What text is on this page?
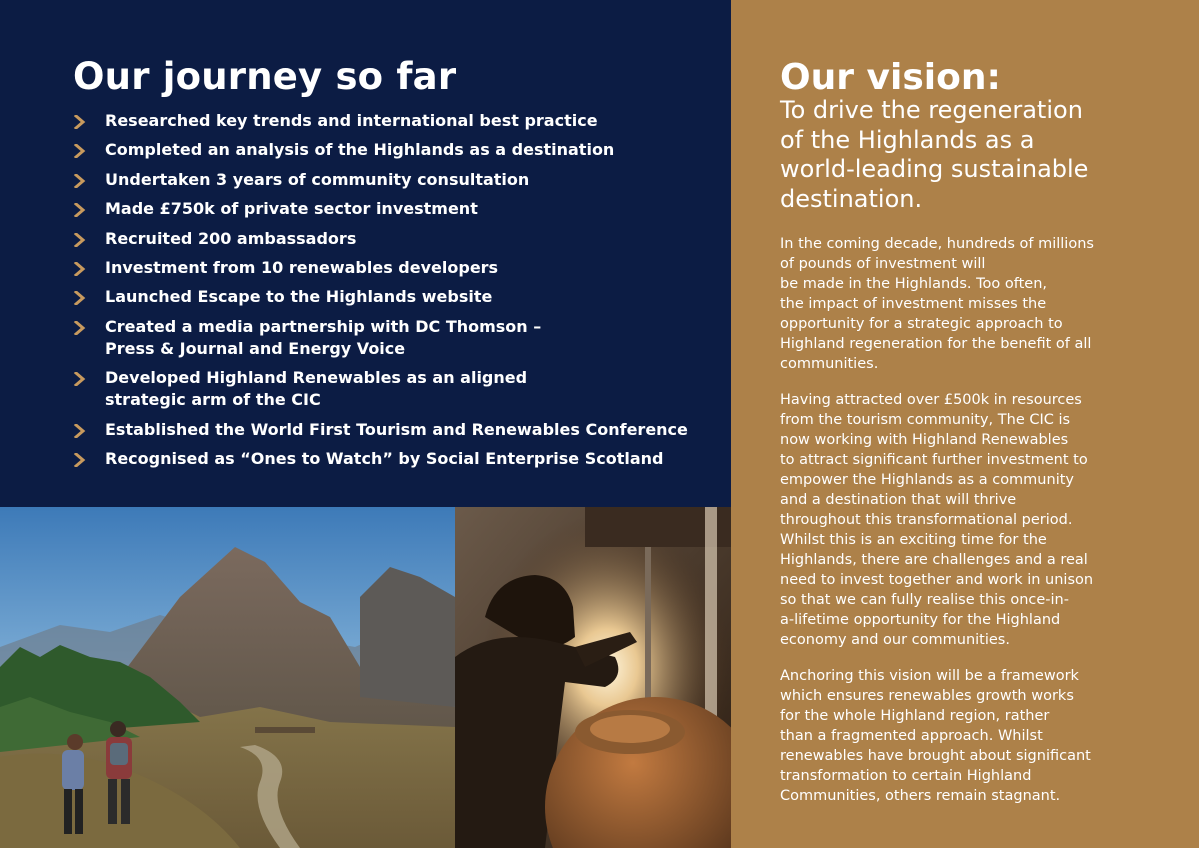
Our journey so far
Researched key trends and international best practice
Completed an analysis of the Highlands as a destination
Undertaken 3 years of community consultation
Made £750k of private sector investment
Recruited 200 ambassadors
Investment from 10 renewables developers
Launched Escape to the Highlands website
Created a media partnership with DC Thomson –
Press & Journal and Energy Voice
Developed Highland Renewables as an aligned
strategic arm of the CIC
Established the World First Tourism and Renewables Conference
Recognised as “Ones to Watch” by Social Enterprise Scotland
Our vision:

To drive the regeneration
of the Highlands as a
world-leading sustainable
destination.

In the coming decade, hundreds of millions
of pounds of investment will
be made in the Highlands. Too often,
the impact of investment misses the
opportunity for a strategic approach to
Highland regeneration for the benefit of all
communities.

Having attracted over £500k in resources
from the tourism community, The CIC is
now working with Highland Renewables
to attract significant further investment to
empower the Highlands as a community
and a destination that will thrive
throughout this transformational period.
Whilst this is an exciting time for the
Highlands, there are challenges and a real
need to invest together and work in unison
so that we can fully realise this once-in-
a-lifetime opportunity for the Highland
economy and our communities.

Anchoring this vision will be a framework
which ensures renewables growth works
for the whole Highland region, rather
than a fragmented approach. Whilst
renewables have brought about significant
transformation to certain Highland
Communities, others remain stagnant.
